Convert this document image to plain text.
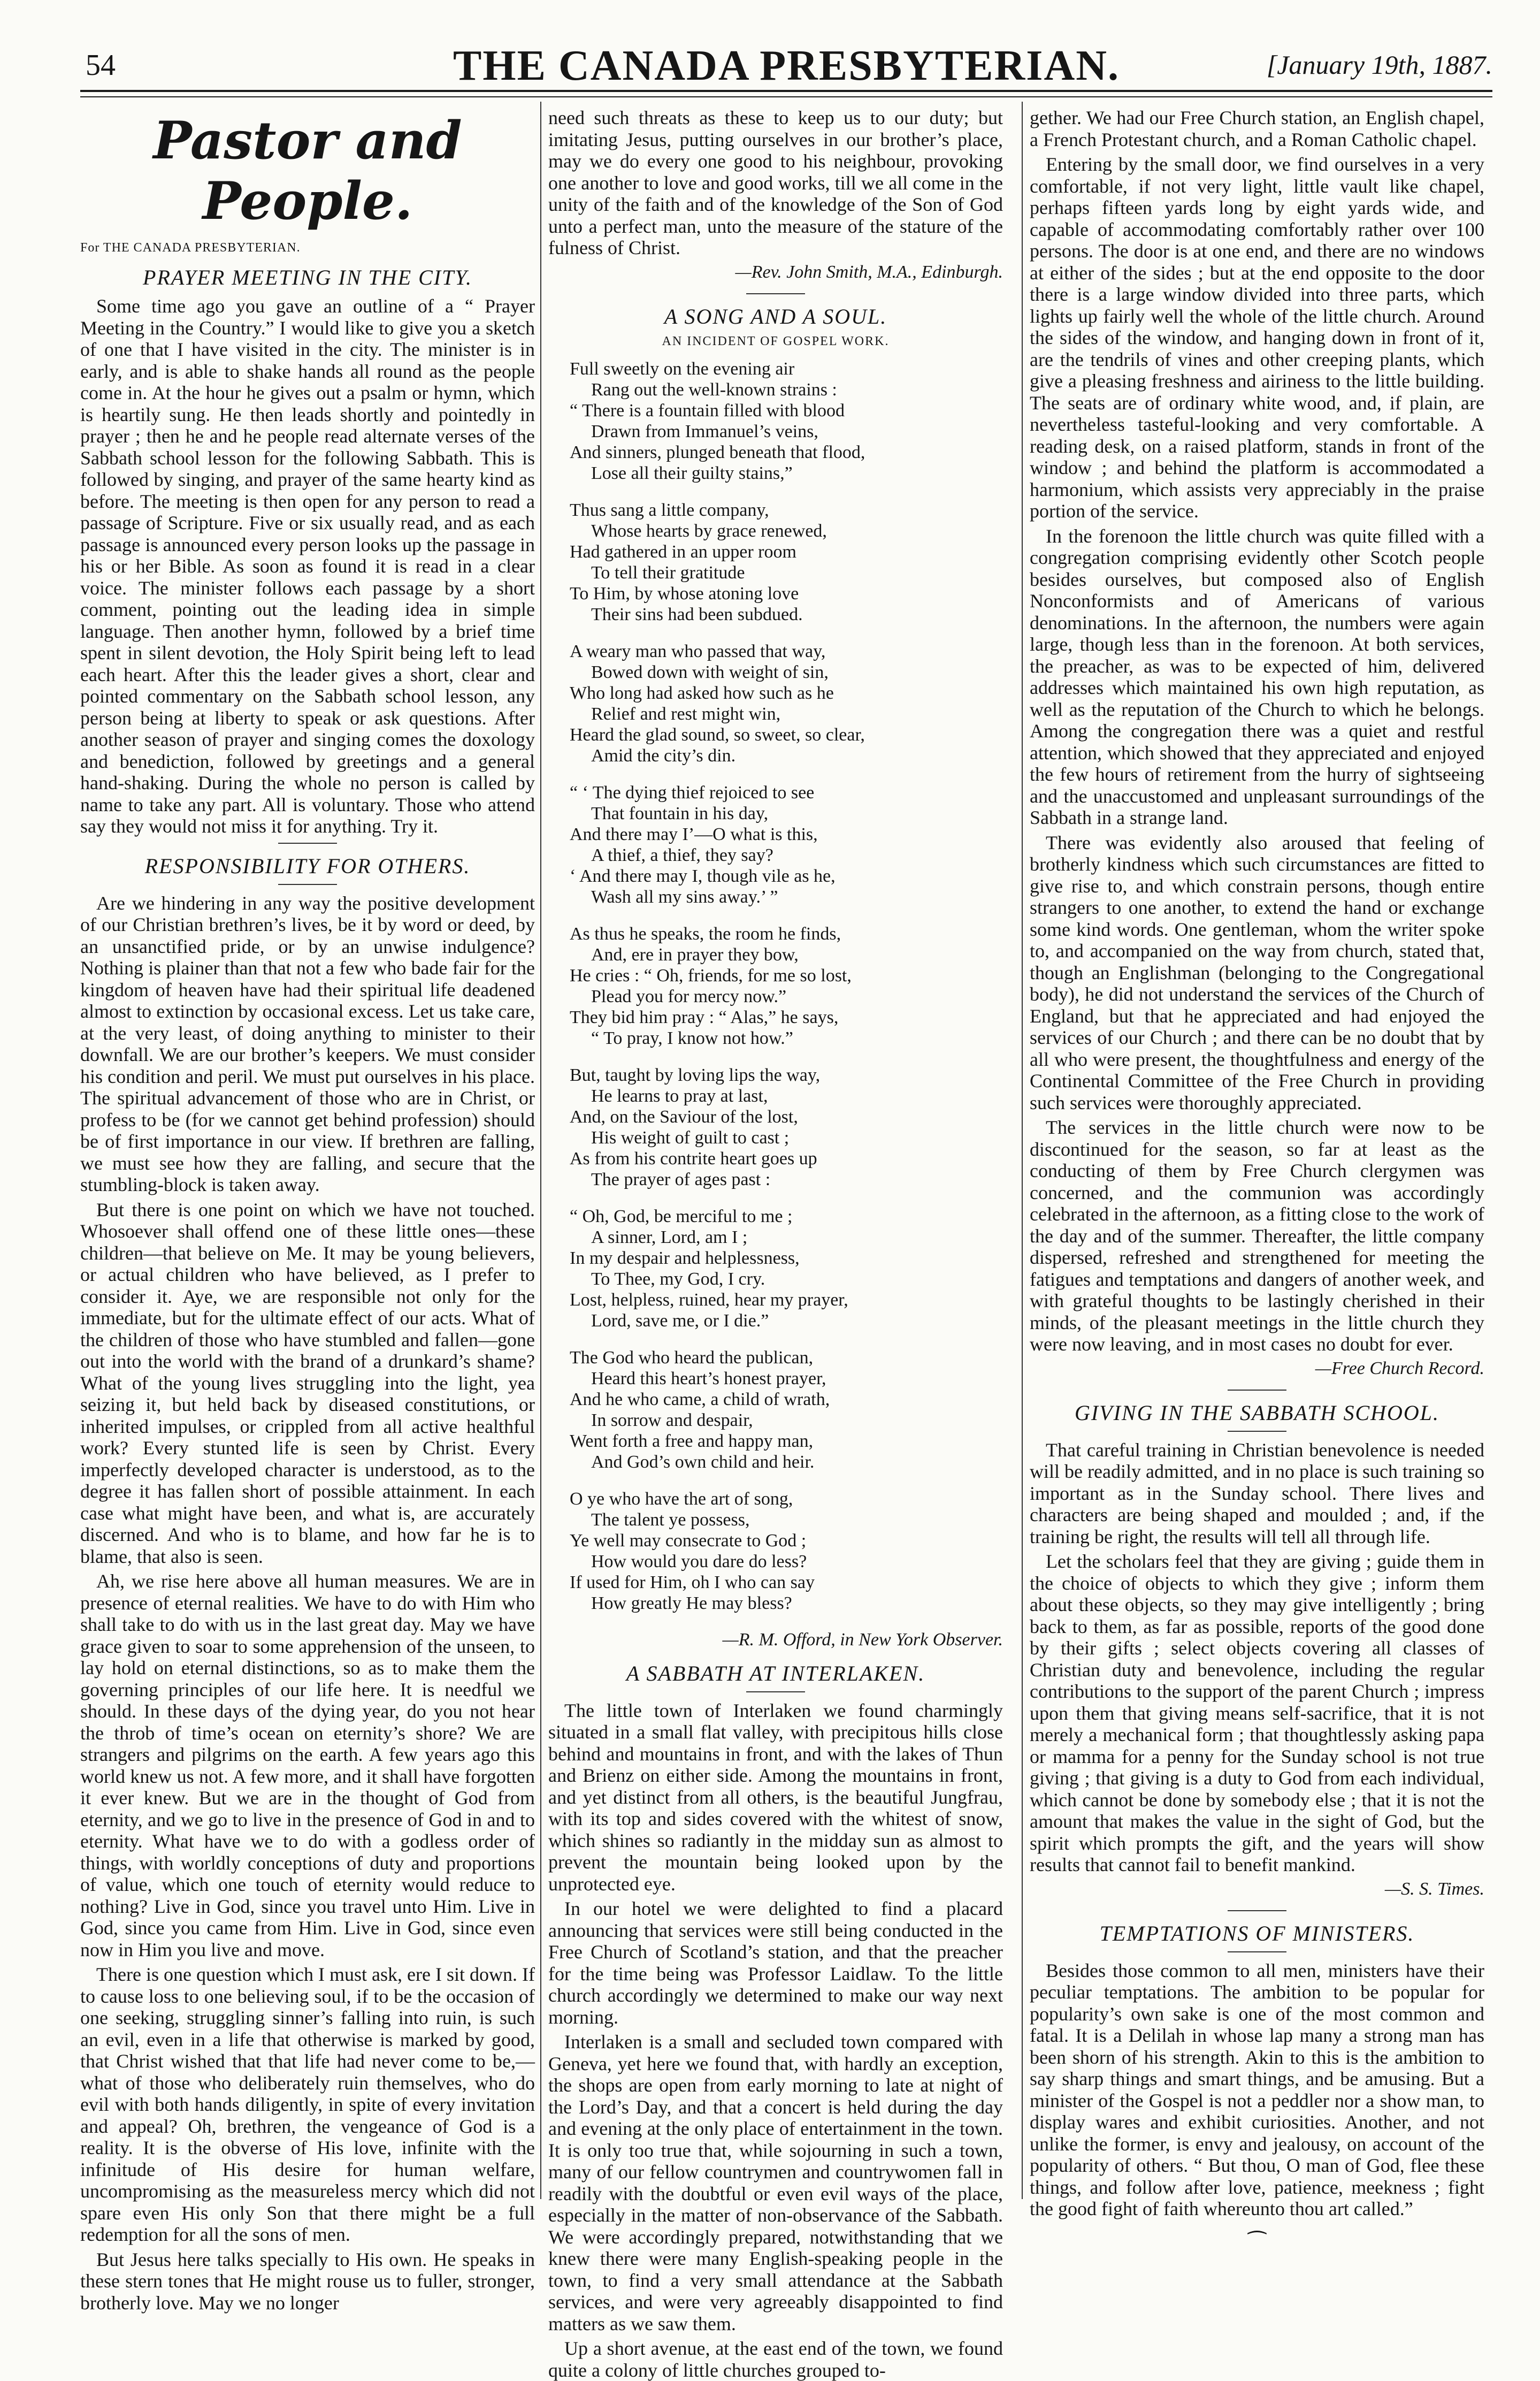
54	THE CANADA PRESBYTERIAN.	[January 19th, 1887.
Pastor and People.
For THE CANADA PRESBYTERIAN.
PRAYER MEETING IN THE CITY.

Some time ago you gave an outline of a “ Prayer Meeting in the Country.” I would like to give you a sketch of one that I have visited in the city. The minister is in early, and is able to shake hands all round as the people come in. At the hour he gives out a psalm or hymn, which is heartily sung. He then leads shortly and pointedly in prayer ; then he and he people read alternate verses of the Sabbath school lesson for the following Sabbath. This is followed by singing, and prayer of the same hearty kind as before. The meeting is then open for any person to read a passage of Scripture. Five or six usually read, and as each passage is announced every person looks up the passage in his or her Bible. As soon as found it is read in a clear voice. The minister follows each passage by a short comment, pointing out the leading idea in simple language. Then another hymn, followed by a brief time spent in silent devotion, the Holy Spirit being left to lead each heart. After this the leader gives a short, clear and pointed commentary on the Sabbath school lesson, any person being at liberty to speak or ask questions. After another season of prayer and singing comes the doxology and benediction, followed by greetings and a general hand-shaking. During the whole no person is called by name to take any part. All is voluntary. Those who attend say they would not miss it for anything. Try it.

RESPONSIBILITY FOR OTHERS.

Are we hindering in any way the positive development of our Christian brethren’s lives, be it by word or deed, by an unsanctified pride, or by an unwise indulgence? Nothing is plainer than that not a few who bade fair for the kingdom of heaven have had their spiritual life deadened almost to extinction by occasional excess. Let us take care, at the very least, of doing anything to minister to their downfall. We are our brother’s keepers. We must consider his condition and peril. We must put ourselves in his place. The spiritual advancement of those who are in Christ, or profess to be (for we cannot get behind profession) should be of first importance in our view. If brethren are falling, we must see how they are falling, and secure that the stumbling-block is taken away.

But there is one point on which we have not touched. Whosoever shall offend one of these little ones—these children—that believe on Me. It may be young believers, or actual children who have believed, as I prefer to consider it. Aye, we are responsible not only for the immediate, but for the ultimate effect of our acts. What of the children of those who have stumbled and fallen—gone out into the world with the brand of a drunkard’s shame? What of the young lives struggling into the light, yea seizing it, but held back by diseased constitutions, or inherited impulses, or crippled from all active healthful work? Every stunted life is seen by Christ. Every imperfectly developed character is understood, as to the degree it has fallen short of possible attainment. In each case what might have been, and what is, are accurately discerned. And who is to blame, and how far he is to blame, that also is seen.

Ah, we rise here above all human measures. We are in presence of eternal realities. We have to do with Him who shall take to do with us in the last great day. May we have grace given to soar to some apprehension of the unseen, to lay hold on eternal distinctions, so as to make them the governing principles of our life here. It is needful we should. In these days of the dying year, do you not hear the throb of time’s ocean on eternity’s shore? We are strangers and pilgrims on the earth. A few years ago this world knew us not. A few more, and it shall have forgotten it ever knew. But we are in the thought of God from eternity, and we go to live in the presence of God in and to eternity. What have we to do with a godless order of things, with worldly conceptions of duty and proportions of value, which one touch of eternity would reduce to nothing? Live in God, since you travel unto Him. Live in God, since you came from Him. Live in God, since even now in Him you live and move.

There is one question which I must ask, ere I sit down. If to cause loss to one believing soul, if to be the occasion of one seeking, struggling sinner’s falling into ruin, is such an evil, even in a life that otherwise is marked by good, that Christ wished that that life had never come to be,—what of those who deliberately ruin themselves, who do evil with both hands diligently, in spite of every invitation and appeal? Oh, brethren, the vengeance of God is a reality. It is the obverse of His love, infinite with the infinitude of His desire for human welfare, uncompromising as the measureless mercy which did not spare even His only Son that there might be a full redemption for all the sons of men.

But Jesus here talks specially to His own. He speaks in these stern tones that He might rouse us to fuller, stronger, brotherly love. May we no longer

need such threats as these to keep us to our duty; but imitating Jesus, putting ourselves in our brother’s place, may we do every one good to his neighbour, provoking one another to love and good works, till we all come in the unity of the faith and of the knowledge of the Son of God unto a perfect man, unto the measure of the stature of the fulness of Christ.

—Rev. John Smith, M.A., Edinburgh.
A SONG AND A SOUL.
AN INCIDENT OF GOSPEL WORK.
Full sweetly on the evening air
Rang out the well-known strains :
“ There is a fountain filled with blood
Drawn from Immanuel’s veins,
And sinners, plunged beneath that flood,
Lose all their guilty stains,”
Thus sang a little company,
Whose hearts by grace renewed,
Had gathered in an upper room
To tell their gratitude
To Him, by whose atoning love
Their sins had been subdued.
A weary man who passed that way,
Bowed down with weight of sin,
Who long had asked how such as he
Relief and rest might win,
Heard the glad sound, so sweet, so clear,
Amid the city’s din.
“ ‘ The dying thief rejoiced to see
That fountain in his day,
And there may I’—O what is this,
A thief, a thief, they say?
‘ And there may I, though vile as he,
Wash all my sins away.’ ”
As thus he speaks, the room he finds,
And, ere in prayer they bow,
He cries : “ Oh, friends, for me so lost,
Plead you for mercy now.”
They bid him pray : “ Alas,” he says,
“ To pray, I know not how.”
But, taught by loving lips the way,
He learns to pray at last,
And, on the Saviour of the lost,
His weight of guilt to cast ;
As from his contrite heart goes up
The prayer of ages past :
“ Oh, God, be merciful to me ;
A sinner, Lord, am I ;
In my despair and helplessness,
To Thee, my God, I cry.
Lost, helpless, ruined, hear my prayer,
Lord, save me, or I die.”
The God who heard the publican,
Heard this heart’s honest prayer,
And he who came, a child of wrath,
In sorrow and despair,
Went forth a free and happy man,
And God’s own child and heir.
O ye who have the art of song,
The talent ye possess,
Ye well may consecrate to God ;
How would you dare do less?
If used for Him, oh I who can say
How greatly He may bless?
—R. M. Offord, in New York Observer.
A SABBATH AT INTERLAKEN.

The little town of Interlaken we found charmingly situated in a small flat valley, with precipitous hills close behind and mountains in front, and with the lakes of Thun and Brienz on either side. Among the mountains in front, and yet distinct from all others, is the beautiful Jungfrau, with its top and sides covered with the whitest of snow, which shines so radiantly in the midday sun as almost to prevent the mountain being looked upon by the unprotected eye.

In our hotel we were delighted to find a placard announcing that services were still being conducted in the Free Church of Scotland’s station, and that the preacher for the time being was Professor Laidlaw. To the little church accordingly we determined to make our way next morning.

Interlaken is a small and secluded town compared with Geneva, yet here we found that, with hardly an exception, the shops are open from early morning to late at night of the Lord’s Day, and that a concert is held during the day and evening at the only place of entertainment in the town. It is only too true that, while sojourning in such a town, many of our fellow countrymen and countrywomen fall in readily with the doubtful or even evil ways of the place, especially in the matter of non-observance of the Sabbath. We were accordingly prepared, notwithstanding that we knew there were many English-speaking people in the town, to find a very small attendance at the Sabbath services, and were very agreeably disappointed to find matters as we saw them.

Up a short avenue, at the east end of the town, we found quite a colony of little churches grouped to-

gether. We had our Free Church station, an English chapel, a French Protestant church, and a Roman Catholic chapel.

Entering by the small door, we find ourselves in a very comfortable, if not very light, little vault like chapel, perhaps fifteen yards long by eight yards wide, and capable of accommodating comfortably rather over 100 persons. The door is at one end, and there are no windows at either of the sides ; but at the end opposite to the door there is a large window divided into three parts, which lights up fairly well the whole of the little church. Around the sides of the window, and hanging down in front of it, are the tendrils of vines and other creeping plants, which give a pleasing freshness and airiness to the little building. The seats are of ordinary white wood, and, if plain, are nevertheless tasteful-looking and very comfortable. A reading desk, on a raised platform, stands in front of the window ; and behind the platform is accommodated a harmonium, which assists very appreciably in the praise portion of the service.

In the forenoon the little church was quite filled with a congregation comprising evidently other Scotch people besides ourselves, but composed also of English Nonconformists and of Americans of various denominations. In the afternoon, the numbers were again large, though less than in the forenoon. At both services, the preacher, as was to be expected of him, delivered addresses which maintained his own high reputation, as well as the reputation of the Church to which he belongs. Among the congregation there was a quiet and restful attention, which showed that they appreciated and enjoyed the few hours of retirement from the hurry of sightseeing and the unaccustomed and unpleasant surroundings of the Sabbath in a strange land.

There was evidently also aroused that feeling of brotherly kindness which such circumstances are fitted to give rise to, and which constrain persons, though entire strangers to one another, to extend the hand or exchange some kind words. One gentleman, whom the writer spoke to, and accompanied on the way from church, stated that, though an Englishman (belonging to the Congregational body), he did not understand the services of the Church of England, but that he appreciated and had enjoyed the services of our Church ; and there can be no doubt that by all who were present, the thoughtfulness and energy of the Continental Committee of the Free Church in providing such services were thoroughly appreciated.

The services in the little church were now to be discontinued for the season, so far at least as the conducting of them by Free Church clergymen was concerned, and the communion was accordingly celebrated in the afternoon, as a fitting close to the work of the day and of the summer. Thereafter, the little company dispersed, refreshed and strengthened for meeting the fatigues and temptations and dangers of another week, and with grateful thoughts to be lastingly cherished in their minds, of the pleasant meetings in the little church they were now leaving, and in most cases no doubt for ever.

—Free Church Record.
GIVING IN THE SABBATH SCHOOL.

That careful training in Christian benevolence is needed will be readily admitted, and in no place is such training so important as in the Sunday school. There lives and characters are being shaped and moulded ; and, if the training be right, the results will tell all through life.

Let the scholars feel that they are giving ; guide them in the choice of objects to which they give ; inform them about these objects, so they may give intelligently ; bring back to them, as far as possible, reports of the good done by their gifts ; select objects covering all classes of Christian duty and benevolence, including the regular contributions to the support of the parent Church ; impress upon them that giving means self-sacrifice, that it is not merely a mechanical form ; that thoughtlessly asking papa or mamma for a penny for the Sunday school is not true giving ; that giving is a duty to God from each individual, which cannot be done by somebody else ; that it is not the amount that makes the value in the sight of God, but the spirit which prompts the gift, and the years will show results that cannot fail to benefit mankind.

—S. S. Times.
TEMPTATIONS OF MINISTERS.

Besides those common to all men, ministers have their peculiar temptations. The ambition to be popular for popularity’s own sake is one of the most common and fatal. It is a Delilah in whose lap many a strong man has been shorn of his strength. Akin to this is the ambition to say sharp things and smart things, and be amusing. But a minister of the Gospel is not a peddler nor a show man, to display wares and exhibit curiosities. Another, and not unlike the former, is envy and jealousy, on account of the popularity of others. “ But thou, O man of God, flee these things, and follow after love, patience, meekness ; fight the good fight of faith whereunto thou art called.”

⁀
